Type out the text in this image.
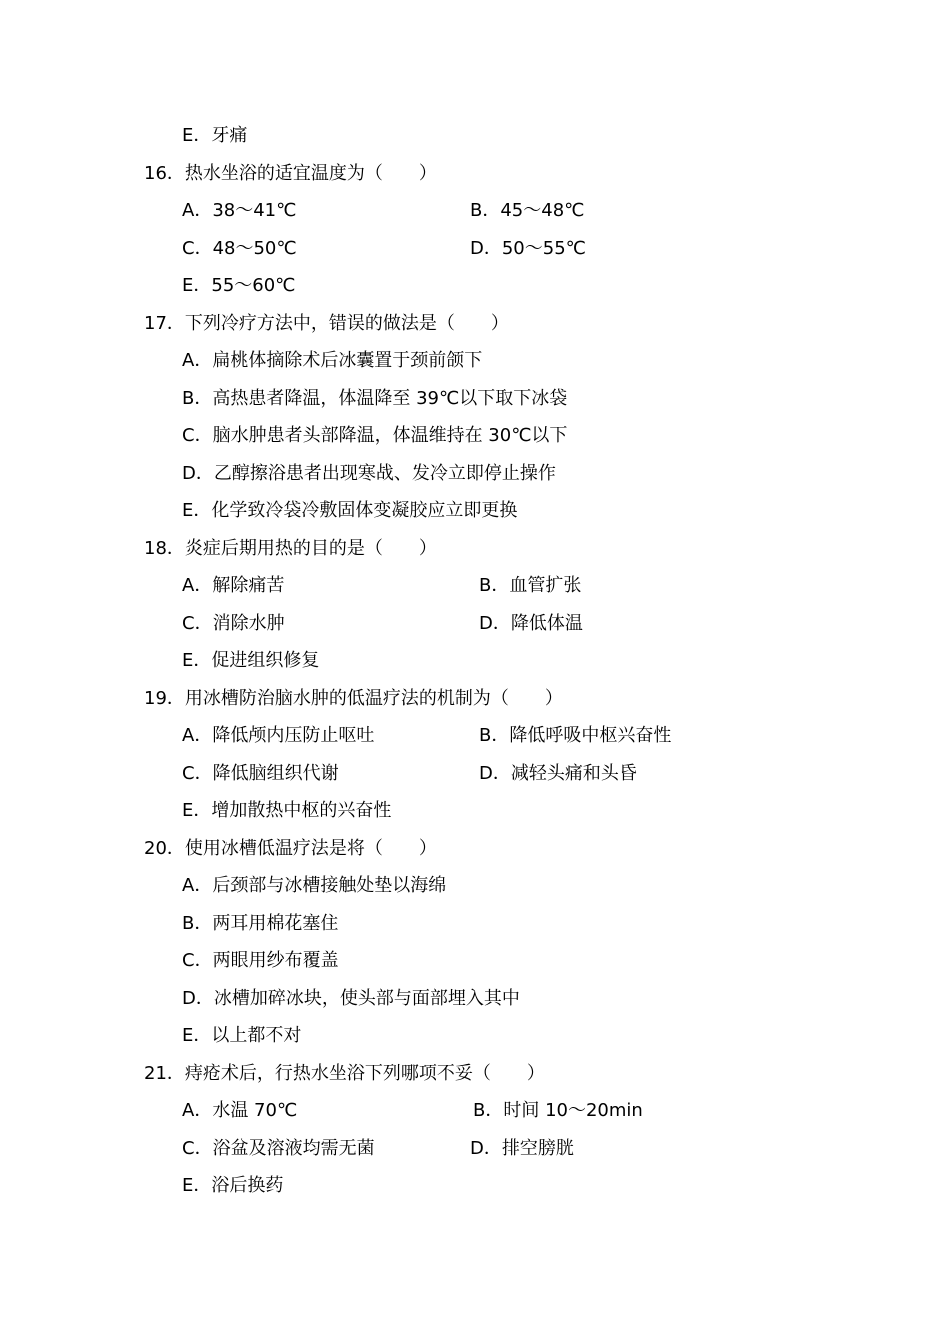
E．牙痛
16．热水坐浴的适宜温度为（　　）
A．38～41℃	B．45～48℃
C．48～50℃	D．50～55℃
E．55～60℃
17．下列冷疗方法中，错误的做法是（　　）
A．扁桃体摘除术后冰囊置于颈前颌下
B．高热患者降温，体温降至 39℃以下取下冰袋
C．脑水肿患者头部降温，体温维持在 30℃以下
D．乙醇擦浴患者出现寒战、发冷立即停止操作
E．化学致冷袋冷敷固体变凝胶应立即更换
18．炎症后期用热的目的是（　　）
A．解除痛苦	B．血管扩张
C．消除水肿	D．降低体温
E．促进组织修复
19．用冰槽防治脑水肿的低温疗法的机制为（　　）
A．降低颅内压防止呕吐	B．降低呼吸中枢兴奋性
C．降低脑组织代谢	D．减轻头痛和头昏
E．增加散热中枢的兴奋性
20．使用冰槽低温疗法是将（　　）
A．后颈部与冰槽接触处垫以海绵
B．两耳用棉花塞住
C．两眼用纱布覆盖
D．冰槽加碎冰块，使头部与面部埋入其中
E．以上都不对
21．痔疮术后，行热水坐浴下列哪项不妥（　　）
A．水温 70℃	B．时间 10～20min
C．浴盆及溶液均需无菌	D．排空膀胱
E．浴后换药
